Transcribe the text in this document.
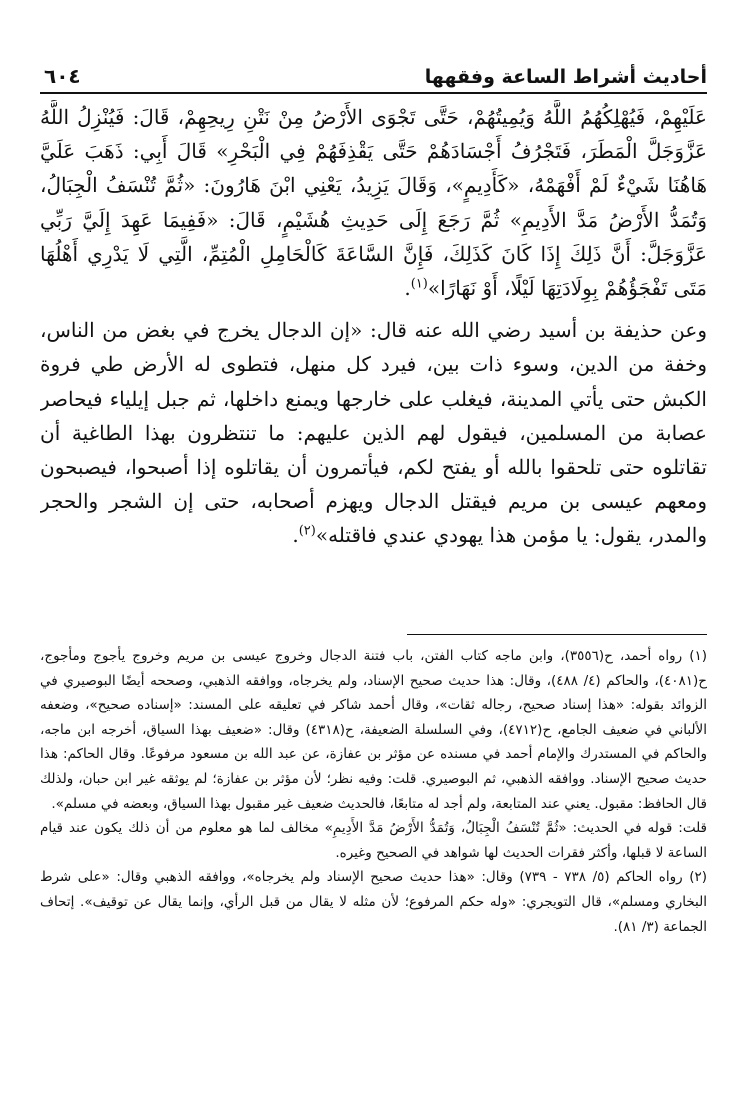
أحاديث أشراط الساعة وفقهها
٦٠٤

عَلَيْهِمْ، فَيُهْلِكُهُمُ اللَّهُ وَيُمِيتُهُمْ، حَتَّى تَجْوَى الأَرْضُ مِنْ نَتْنِ رِيحِهِمْ، قَالَ: فَيُنْزِلُ اللَّهُ عَزَّوَجَلَّ الْمَطَرَ، فَتَجْرُفُ أَجْسَادَهُمْ حَتَّى يَقْذِفَهُمْ فِي الْبَحْرِ» قَالَ أَبِي: ذَهَبَ عَلَيَّ هَاهُنَا شَيْءٌ لَمْ أَفْهَمْهُ، «كَأَدِيمٍ»، وَقَالَ يَزِيدُ، يَعْنِي ابْنَ هَارُونَ: «ثُمَّ تُنْسَفُ الْجِبَالُ، وَتُمَدُّ الأَرْضُ مَدَّ الأَدِيمِ» ثُمَّ رَجَعَ إِلَى حَدِيثِ هُشَيْمٍ، قَالَ: «فَفِيمَا عَهِدَ إِلَيَّ رَبِّي عَزَّوَجَلَّ: أَنَّ ذَلِكَ إِذَا كَانَ كَذَلِكَ، فَإِنَّ السَّاعَةَ كَالْحَامِلِ الْمُتِمِّ، الَّتِي لَا يَدْرِي أَهْلُهَا مَتَى تَفْجَؤُهُمْ بِوِلَادَتِهَا لَيْلًا، أَوْ نَهَارًا»$^{(١)}$.

وعن حذيفة بن أسيد رضي الله عنه قال: «إن الدجال يخرج في بغض من الناس، وخفة من الدين، وسوء ذات بين، فيرد كل منهل، فتطوى له الأرض طي فروة الكبش حتى يأتي المدينة، فيغلب على خارجها ويمنع داخلها، ثم جبل إيلياء فيحاصر عصابة من المسلمين، فيقول لهم الذين عليهم: ما تنتظرون بهذا الطاغية أن تقاتلوه حتى تلحقوا بالله أو يفتح لكم، فيأتمرون أن يقاتلوه إذا أصبحوا، فيصبحون ومعهم عيسى بن مريم فيقتل الدجال ويهزم أصحابه، حتى إن الشجر والحجر والمدر، يقول: يا مؤمن هذا يهودي عندي فاقتله»$^{(٢)}$.

(١) رواه أحمد، ح(٣٥٥٦)، وابن ماجه كتاب الفتن، باب فتنة الدجال وخروج عيسى بن مريم وخروج يأجوج ومأجوج، ح(٤٠٨١)، والحاكم (٤/ ٤٨٨)، وقال: هذا حديث صحيح الإسناد، ولم يخرجاه، ووافقه الذهبي، وصححه أيضًا البوصيري في الزوائد بقوله: «هذا إسناد صحيح، رجاله ثقات»، وقال أحمد شاكر في تعليقه على المسند: «إسناده صحيح»، وضعفه الألباني في ضعيف الجامع، ح(٤٧١٢)، وفي السلسلة الضعيفة، ح(٤٣١٨) وقال: «ضعيف بهذا السياق، أخرجه ابن ماجه، والحاكم في المستدرك والإمام أحمد في مسنده عن مؤثر بن عفازة، عن عبد الله بن مسعود مرفوعًا. وقال الحاكم: هذا حديث صحيح الإسناد. ووافقه الذهبي، ثم البوصيري. قلت: وفيه نظر؛ لأن مؤثر بن عفازة؛ لم يوثقه غير ابن حبان، ولذلك قال الحافظ: مقبول. يعني عند المتابعة، ولم أجد له متابعًا، فالحديث ضعيف غير مقبول بهذا السياق، وبعضه في مسلم».

قلت: قوله في الحديث: «ثُمَّ تُنْسَفُ الْجِبَالُ، وَتُمَدُّ الأَرْضُ مَدَّ الأَدِيمِ» مخالف لما هو معلوم من أن ذلك يكون عند قيام الساعة لا قبلها، وأكثر فقرات الحديث لها شواهد في الصحيح وغيره.

(٢) رواه الحاكم (٥/ ٧٣٨ - ٧٣٩) وقال: «هذا حديث صحيح الإسناد ولم يخرجاه»، ووافقه الذهبي وقال: «على شرط البخاري ومسلم»، قال التويجري: «وله حكم المرفوع؛ لأن مثله لا يقال من قبل الرأي، وإنما يقال عن توقيف». إتحاف الجماعة (٣/ ٨١).
